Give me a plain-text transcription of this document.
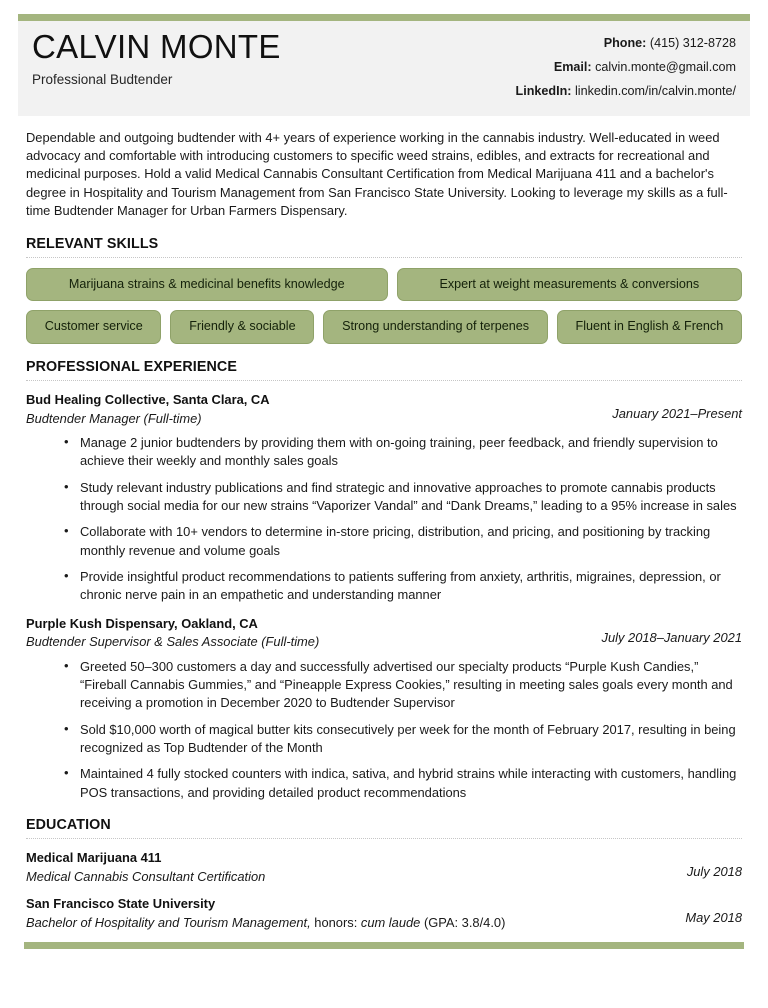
CALVIN MONTE
Professional Budtender
Phone: (415) 312-8728
Email: calvin.monte@gmail.com
LinkedIn: linkedin.com/in/calvin.monte/
Dependable and outgoing budtender with 4+ years of experience working in the cannabis industry. Well-educated in weed advocacy and comfortable with introducing customers to specific weed strains, edibles, and extracts for recreational and medicinal purposes. Hold a valid Medical Cannabis Consultant Certification from Medical Marijuana 411 and a bachelor's degree in Hospitality and Tourism Management from San Francisco State University. Looking to leverage my skills as a full-time Budtender Manager for Urban Farmers Dispensary.
RELEVANT SKILLS
Marijuana strains & medicinal benefits knowledge	Expert at weight measurements & conversions
Customer service	Friendly & sociable	Strong understanding of terpenes	Fluent in English & French
PROFESSIONAL EXPERIENCE
Bud Healing Collective, Santa Clara, CA
Budtender Manager (Full-time)	January 2021–Present
• Manage 2 junior budtenders by providing them with on-going training, peer feedback, and friendly supervision to achieve their weekly and monthly sales goals
• Study relevant industry publications and find strategic and innovative approaches to promote cannabis products through social media for our new strains “Vaporizer Vandal” and “Dank Dreams,” leading to a 95% increase in sales
• Collaborate with 10+ vendors to determine in-store pricing, distribution, and pricing, and positioning by tracking monthly revenue and volume goals
• Provide insightful product recommendations to patients suffering from anxiety, arthritis, migraines, depression, or chronic nerve pain in an empathetic and understanding manner
Purple Kush Dispensary, Oakland, CA
Budtender Supervisor & Sales Associate (Full-time)	July 2018–January 2021
• Greeted 50–300 customers a day and successfully advertised our specialty products “Purple Kush Candies,” “Fireball Cannabis Gummies,” and “Pineapple Express Cookies,” resulting in meeting sales goals every month and receiving a promotion in December 2020 to Budtender Supervisor
• Sold $10,000 worth of magical butter kits consecutively per week for the month of February 2017, resulting in being recognized as Top Budtender of the Month
• Maintained 4 fully stocked counters with indica, sativa, and hybrid strains while interacting with customers, handling POS transactions, and providing detailed product recommendations
EDUCATION
Medical Marijuana 411
Medical Cannabis Consultant Certification	July 2018
San Francisco State University
Bachelor of Hospitality and Tourism Management, honors: cum laude (GPA: 3.8/4.0)	May 2018
